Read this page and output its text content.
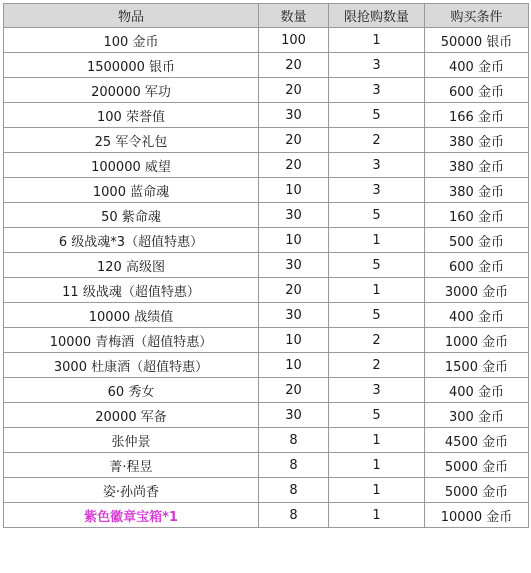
物品	数量	限抢购数量	购买条件
100 金币	100	1	50000 银币
1500000 银币	20	3	400 金币
200000 军功	20	3	600 金币
100 荣誉值	30	5	166 金币
25 军令礼包	20	2	380 金币
100000 威望	20	3	380 金币
1000 蓝命魂	10	3	380 金币
50 紫命魂	30	5	160 金币
6 级战魂*3（超值特惠）	10	1	500 金币
120 高级图	30	5	600 金币
11 级战魂（超值特惠）	20	1	3000 金币
10000 战绩值	30	5	400 金币
10000 青梅酒（超值特惠）	10	2	1000 金币
3000 杜康酒（超值特惠）	10	2	1500 金币
60 秀女	20	3	400 金币
20000 军备	30	5	300 金币
张仲景	8	1	4500 金币
菁·程昱	8	1	5000 金币
姿·孙尚香	8	1	5000 金币
紫色徽章宝箱*1	8	1	10000 金币
